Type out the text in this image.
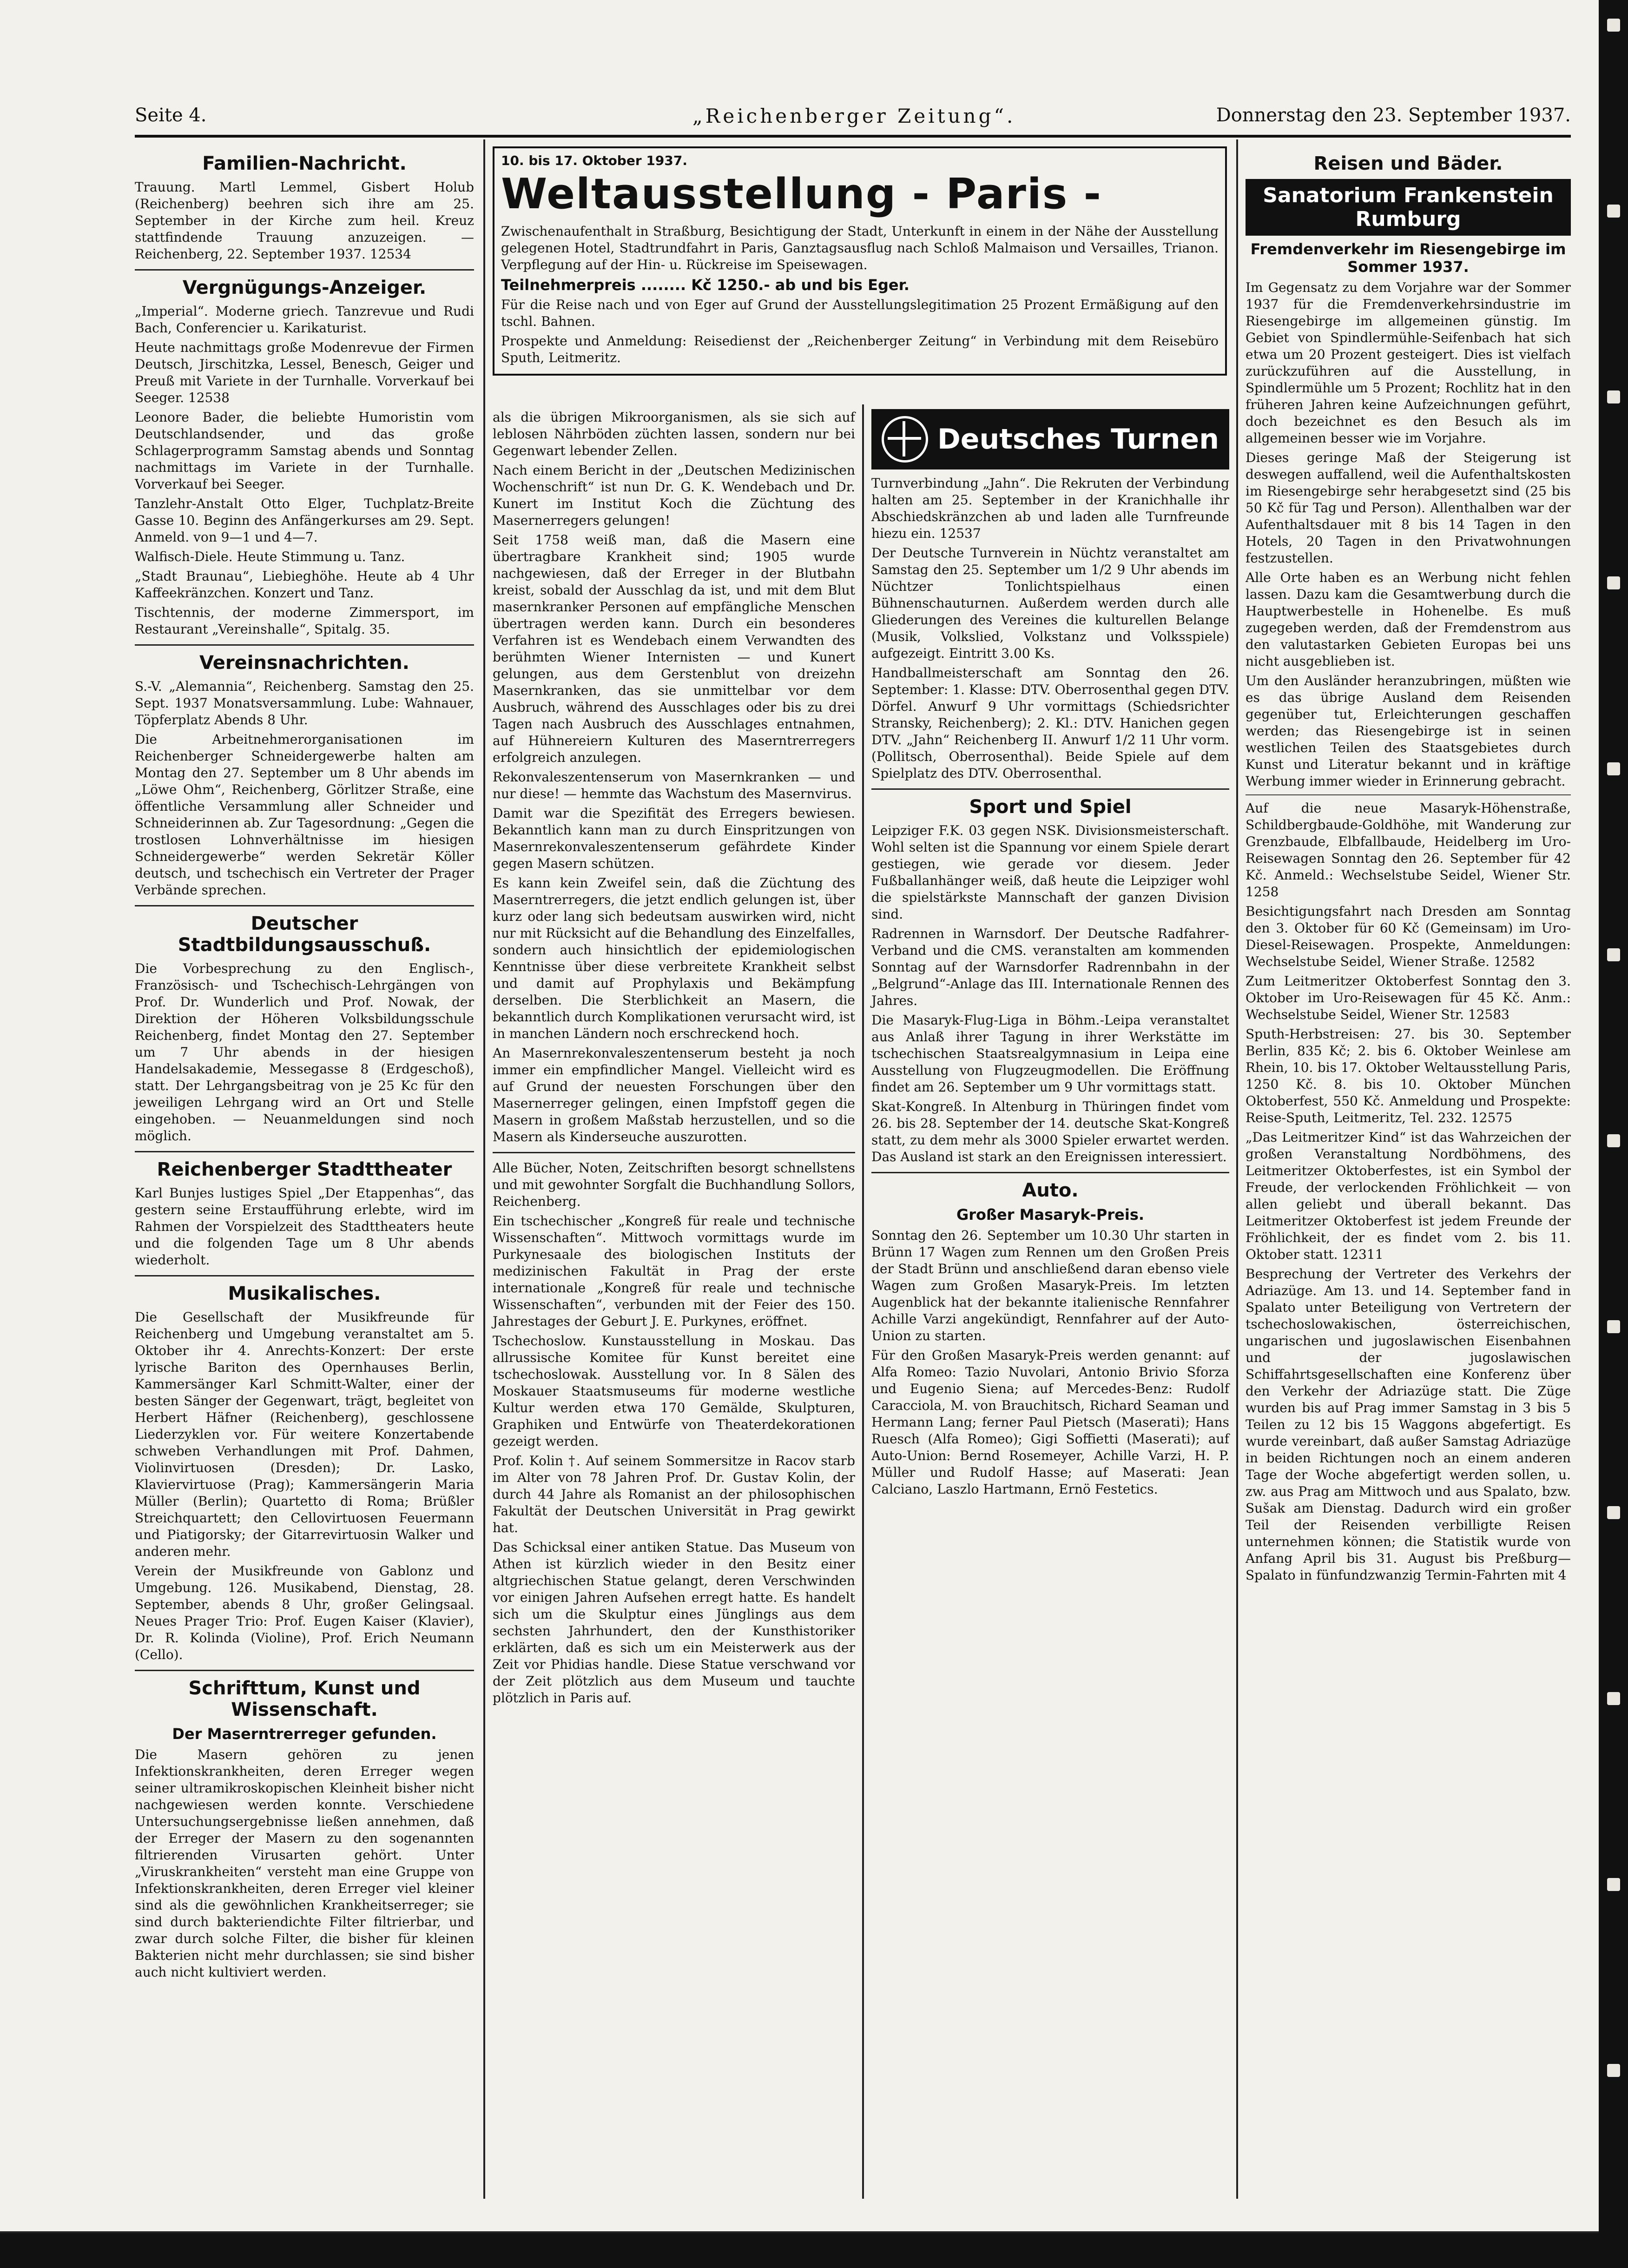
Seite 4.	„Reichenberger Zeitung“.	Donnerstag den 23. September 1937.
Familien-Nachricht.

Trauung. Martl Lemmel, Gisbert Holub (Reichenberg) beehren sich ihre am 25. September in der Kirche zum heil. Kreuz stattfindende Trauung anzuzeigen. — Reichenberg, 22. September 1937. 12534

Vergnügungs-Anzeiger.

„Imperial“. Moderne griech. Tanzrevue und Rudi Bach, Conferencier u. Karikaturist.

Heute nachmittags große Modenrevue der Firmen Deutsch, Jirschitzka, Lessel, Benesch, Geiger und Preuß mit Variete in der Turnhalle. Vorverkauf bei Seeger. 12538

Leonore Bader, die beliebte Humoristin vom Deutschlandsender, und das große Schlagerprogramm Samstag abends und Sonntag nachmittags im Variete in der Turnhalle. Vorverkauf bei Seeger.

Tanzlehr-Anstalt Otto Elger, Tuchplatz-Breite Gasse 10. Beginn des Anfängerkurses am 29. Sept. Anmeld. von 9—1 und 4—7.

Walfisch-Diele. Heute Stimmung u. Tanz.

„Stadt Braunau“, Liebieghöhe. Heute ab 4 Uhr Kaffeekränzchen. Konzert und Tanz.

Tischtennis, der moderne Zimmersport, im Restaurant „Vereinshalle“, Spitalg. 35.

Vereinsnachrichten.

S.-V. „Alemannia“, Reichenberg. Samstag den 25. Sept. 1937 Monatsversammlung. Lube: Wahnauer, Töpferplatz Abends 8 Uhr.

Die Arbeitnehmerorganisationen im Reichenberger Schneidergewerbe halten am Montag den 27. September um 8 Uhr abends im „Löwe Ohm“, Reichenberg, Görlitzer Straße, eine öffentliche Versammlung aller Schneider und Schneiderinnen ab. Zur Tagesordnung: „Gegen die trostlosen Lohnverhältnisse im hiesigen Schneidergewerbe“ werden Sekretär Köller deutsch, und tschechisch ein Vertreter der Prager Verbände sprechen.

Deutscher Stadtbildungsausschuß.

Die Vorbesprechung zu den Englisch-, Französisch- und Tschechisch-Lehrgängen von Prof. Dr. Wunderlich und Prof. Nowak, der Direktion der Höheren Volksbildungsschule Reichenberg, findet Montag den 27. September um 7 Uhr abends in der hiesigen Handelsakademie, Messegasse 8 (Erdgeschoß), statt. Der Lehrgangsbeitrag von je 25 Kc für den jeweiligen Lehrgang wird an Ort und Stelle eingehoben. — Neuanmeldungen sind noch möglich.

Reichenberger Stadttheater

Karl Bunjes lustiges Spiel „Der Etappenhas“, das gestern seine Erstaufführung erlebte, wird im Rahmen der Vorspielzeit des Stadttheaters heute und die folgenden Tage um 8 Uhr abends wiederholt.

Musikalisches.

Die Gesellschaft der Musikfreunde für Reichenberg und Umgebung veranstaltet am 5. Oktober ihr 4. Anrechts-Konzert: Der erste lyrische Bariton des Opernhauses Berlin, Kammersänger Karl Schmitt-Walter, einer der besten Sänger der Gegenwart, trägt, begleitet von Herbert Häfner (Reichenberg), geschlossene Liederzyklen vor. Für weitere Konzertabende schweben Verhandlungen mit Prof. Dahmen, Violinvirtuosen (Dresden); Dr. Lasko, Klaviervirtuose (Prag); Kammersängerin Maria Müller (Berlin); Quartetto di Roma; Brüßler Streichquartett; den Cellovirtuosen Feuermann und Piatigorsky; der Gitarrevirtuosin Walker und anderen mehr.

Verein der Musikfreunde von Gablonz und Umgebung. 126. Musikabend, Dienstag, 28. September, abends 8 Uhr, großer Gelingsaal. Neues Prager Trio: Prof. Eugen Kaiser (Klavier), Dr. R. Kolinda (Violine), Prof. Erich Neumann (Cello).

Schrifttum, Kunst und Wissenschaft.
Der Maserntrerreger gefunden.

Die Masern gehören zu jenen Infektionskrankheiten, deren Erreger wegen seiner ultramikroskopischen Kleinheit bisher nicht nachgewiesen werden konnte. Verschiedene Untersuchungsergebnisse ließen annehmen, daß der Erreger der Masern zu den sogenannten filtrierenden Virusarten gehört. Unter „Viruskrankheiten“ versteht man eine Gruppe von Infektionskrankheiten, deren Erreger viel kleiner sind als die gewöhnlichen Krankheitserreger; sie sind durch bakteriendichte Filter filtrierbar, und zwar durch solche Filter, die bisher für kleinen Bakterien nicht mehr durchlassen; sie sind bisher auch nicht kultiviert werden.

10. bis 17. Oktober 1937.
Weltausstellung - Paris -

Zwischenaufenthalt in Straßburg, Besichtigung der Stadt, Unterkunft in einem in der Nähe der Ausstellung gelegenen Hotel, Stadtrundfahrt in Paris, Ganztagsausflug nach Schloß Malmaison und Versailles, Trianon. Verpflegung auf der Hin- u. Rückreise im Speisewagen.

Teilnehmerpreis ........ Kč 1250.- ab und bis Eger.

Für die Reise nach und von Eger auf Grund der Ausstellungslegitimation 25 Prozent Ermäßigung auf den tschl. Bahnen.

Prospekte und Anmeldung: Reisedienst der „Reichenberger Zeitung“ in Verbindung mit dem Reisebüro Sputh, Leitmeritz.

als die übrigen Mikroorganismen, als sie sich auf leblosen Nährböden züchten lassen, sondern nur bei Gegenwart lebender Zellen.

Nach einem Bericht in der „Deutschen Medizinischen Wochenschrift“ ist nun Dr. G. K. Wendebach und Dr. Kunert im Institut Koch die Züchtung des Masernerregers gelungen!

Seit 1758 weiß man, daß die Masern eine übertragbare Krankheit sind; 1905 wurde nachgewiesen, daß der Erreger in der Blutbahn kreist, sobald der Ausschlag da ist, und mit dem Blut masernkranker Personen auf empfängliche Menschen übertragen werden kann. Durch ein besonderes Verfahren ist es Wendebach einem Verwandten des berühmten Wiener Internisten — und Kunert gelungen, aus dem Gerstenblut von dreizehn Masernkranken, das sie unmittelbar vor dem Ausbruch, während des Ausschlages oder bis zu drei Tagen nach Ausbruch des Ausschlages entnahmen, auf Hühnereiern Kulturen des Maserntrerregers erfolgreich anzulegen.

Rekonvaleszentenserum von Masernkranken — und nur diese! — hemmte das Wachstum des Masernvirus.

Damit war die Spezifität des Erregers bewiesen. Bekanntlich kann man zu durch Einspritzungen von Masernrekonvaleszentenserum gefährdete Kinder gegen Masern schützen.

Es kann kein Zweifel sein, daß die Züchtung des Maserntrerregers, die jetzt endlich gelungen ist, über kurz oder lang sich bedeutsam auswirken wird, nicht nur mit Rücksicht auf die Behandlung des Einzelfalles, sondern auch hinsichtlich der epidemiologischen Kenntnisse über diese verbreitete Krankheit selbst und damit auf Prophylaxis und Bekämpfung derselben. Die Sterblichkeit an Masern, die bekanntlich durch Komplikationen verursacht wird, ist in manchen Ländern noch erschreckend hoch.

An Masernrekonvaleszentenserum besteht ja noch immer ein empfindlicher Mangel. Vielleicht wird es auf Grund der neuesten Forschungen über den Masernerreger gelingen, einen Impfstoff gegen die Masern in großem Maßstab herzustellen, und so die Masern als Kinderseuche auszurotten.

Alle Bücher, Noten, Zeitschriften besorgt schnellstens und mit gewohnter Sorgfalt die Buchhandlung Sollors, Reichenberg.

Ein tschechischer „Kongreß für reale und technische Wissenschaften“. Mittwoch vormittags wurde im Purkynesaale des biologischen Instituts der medizinischen Fakultät in Prag der erste internationale „Kongreß für reale und technische Wissenschaften“, verbunden mit der Feier des 150. Jahrestages der Geburt J. E. Purkynes, eröffnet.

Tschechoslow. Kunstausstellung in Moskau. Das allrussische Komitee für Kunst bereitet eine tschechoslowak. Ausstellung vor. In 8 Sälen des Moskauer Staatsmuseums für moderne westliche Kultur werden etwa 170 Gemälde, Skulpturen, Graphiken und Entwürfe von Theaterdekorationen gezeigt werden.

Prof. Kolin †. Auf seinem Sommersitze in Racov starb im Alter von 78 Jahren Prof. Dr. Gustav Kolin, der durch 44 Jahre als Romanist an der philosophischen Fakultät der Deutschen Universität in Prag gewirkt hat.

Das Schicksal einer antiken Statue. Das Museum von Athen ist kürzlich wieder in den Besitz einer altgriechischen Statue gelangt, deren Verschwinden vor einigen Jahren Aufsehen erregt hatte. Es handelt sich um die Skulptur eines Jünglings aus dem sechsten Jahrhundert, den der Kunsthistoriker erklärten, daß es sich um ein Meisterwerk aus der Zeit vor Phidias handle. Diese Statue verschwand vor der Zeit plötzlich aus dem Museum und tauchte plötzlich in Paris auf.

Deutsches Turnen

Turnverbindung „Jahn“. Die Rekruten der Verbindung halten am 25. September in der Kranichhalle ihr Abschiedskränzchen ab und laden alle Turnfreunde hiezu ein. 12537

Der Deutsche Turnverein in Nüchtz veranstaltet am Samstag den 25. September um 1/2 9 Uhr abends im Nüchtzer Tonlichtspielhaus einen Bühnenschauturnen. Außerdem werden durch alle Gliederungen des Vereines die kulturellen Belange (Musik, Volkslied, Volkstanz und Volksspiele) aufgezeigt. Eintritt 3.00 Ks.

Handballmeisterschaft am Sonntag den 26. September: 1. Klasse: DTV. Oberrosenthal gegen DTV. Dörfel. Anwurf 9 Uhr vormittags (Schiedsrichter Stransky, Reichenberg); 2. Kl.: DTV. Hanichen gegen DTV. „Jahn“ Reichenberg II. Anwurf 1/2 11 Uhr vorm. (Pollitsch, Oberrosenthal). Beide Spiele auf dem Spielplatz des DTV. Oberrosenthal.

Sport und Spiel

Leipziger F.K. 03 gegen NSK. Divisionsmeisterschaft. Wohl selten ist die Spannung vor einem Spiele derart gestiegen, wie gerade vor diesem. Jeder Fußballanhänger weiß, daß heute die Leipziger wohl die spielstärkste Mannschaft der ganzen Division sind.

Radrennen in Warnsdorf. Der Deutsche Radfahrer-Verband und die CMS. veranstalten am kommenden Sonntag auf der Warnsdorfer Radrennbahn in der „Belgrund“-Anlage das III. Internationale Rennen des Jahres.

Die Masaryk-Flug-Liga in Böhm.-Leipa veranstaltet aus Anlaß ihrer Tagung in ihrer Werkstätte im tschechischen Staatsrealgymnasium in Leipa eine Ausstellung von Flugzeugmodellen. Die Eröffnung findet am 26. September um 9 Uhr vormittags statt.

Skat-Kongreß. In Altenburg in Thüringen findet vom 26. bis 28. September der 14. deutsche Skat-Kongreß statt, zu dem mehr als 3000 Spieler erwartet werden. Das Ausland ist stark an den Ereignissen interessiert.

Auto.
Großer Masaryk-Preis.

Sonntag den 26. September um 10.30 Uhr starten in Brünn 17 Wagen zum Rennen um den Großen Preis der Stadt Brünn und anschließend daran ebenso viele Wagen zum Großen Masaryk-Preis. Im letzten Augenblick hat der bekannte italienische Rennfahrer Achille Varzi angekündigt, Rennfahrer auf der Auto-Union zu starten.

Für den Großen Masaryk-Preis werden genannt: auf Alfa Romeo: Tazio Nuvolari, Antonio Brivio Sforza und Eugenio Siena; auf Mercedes-Benz: Rudolf Caracciola, M. von Brauchitsch, Richard Seaman und Hermann Lang; ferner Paul Pietsch (Maserati); Hans Ruesch (Alfa Romeo); Gigi Soffietti (Maserati); auf Auto-Union: Bernd Rosemeyer, Achille Varzi, H. P. Müller und Rudolf Hasse; auf Maserati: Jean Calciano, Laszlo Hartmann, Ernö Festetics.

Reisen und Bäder.
Sanatorium Frankenstein Rumburg
Fremdenverkehr im Riesengebirge im Sommer 1937.

Im Gegensatz zu dem Vorjahre war der Sommer 1937 für die Fremdenverkehrsindustrie im Riesengebirge im allgemeinen günstig. Im Gebiet von Spindlermühle-Seifenbach hat sich etwa um 20 Prozent gesteigert. Dies ist vielfach zurückzuführen auf die Ausstellung, in Spindlermühle um 5 Prozent; Rochlitz hat in den früheren Jahren keine Aufzeichnungen geführt, doch bezeichnet es den Besuch als im allgemeinen besser wie im Vorjahre.

Dieses geringe Maß der Steigerung ist deswegen auffallend, weil die Aufenthaltskosten im Riesengebirge sehr herabgesetzt sind (25 bis 50 Kč für Tag und Person). Allenthalben war der Aufenthaltsdauer mit 8 bis 14 Tagen in den Hotels, 20 Tagen in den Privatwohnungen festzustellen.

Alle Orte haben es an Werbung nicht fehlen lassen. Dazu kam die Gesamtwerbung durch die Hauptwerbestelle in Hohenelbe. Es muß zugegeben werden, daß der Fremdenstrom aus den valutastarken Gebieten Europas bei uns nicht ausgeblieben ist.

Um den Ausländer heranzubringen, müßten wie es das übrige Ausland dem Reisenden gegenüber tut, Erleichterungen geschaffen werden; das Riesengebirge ist in seinen westlichen Teilen des Staatsgebietes durch Kunst und Literatur bekannt und in kräftige Werbung immer wieder in Erinnerung gebracht.

Auf die neue Masaryk-Höhenstraße, Schildbergbaude-Goldhöhe, mit Wanderung zur Grenzbaude, Elbfallbaude, Heidelberg im Uro-Reisewagen Sonntag den 26. September für 42 Kč. Anmeld.: Wechselstube Seidel, Wiener Str. 1258

Besichtigungsfahrt nach Dresden am Sonntag den 3. Oktober für 60 Kč (Gemeinsam) im Uro-Diesel-Reisewagen. Prospekte, Anmeldungen: Wechselstube Seidel, Wiener Straße. 12582

Zum Leitmeritzer Oktoberfest Sonntag den 3. Oktober im Uro-Reisewagen für 45 Kč. Anm.: Wechselstube Seidel, Wiener Str. 12583

Sputh-Herbstreisen: 27. bis 30. September Berlin, 835 Kč; 2. bis 6. Oktober Weinlese am Rhein, 10. bis 17. Oktober Weltausstellung Paris, 1250 Kč. 8. bis 10. Oktober München Oktoberfest, 550 Kč. Anmeldung und Prospekte: Reise-Sputh, Leitmeritz, Tel. 232. 12575

„Das Leitmeritzer Kind“ ist das Wahrzeichen der großen Veranstaltung Nordböhmens, des Leitmeritzer Oktoberfestes, ist ein Symbol der Freude, der verlockenden Fröhlichkeit — von allen geliebt und überall bekannt. Das Leitmeritzer Oktoberfest ist jedem Freunde der Fröhlichkeit, der es findet vom 2. bis 11. Oktober statt. 12311

Besprechung der Vertreter des Verkehrs der Adriazüge. Am 13. und 14. September fand in Spalato unter Beteiligung von Vertretern der tschechoslowakischen, österreichischen, ungarischen und jugoslawischen Eisenbahnen und der jugoslawischen Schiffahrtsgesellschaften eine Konferenz über den Verkehr der Adriazüge statt. Die Züge wurden bis auf Prag immer Samstag in 3 bis 5 Teilen zu 12 bis 15 Waggons abgefertigt. Es wurde vereinbart, daß außer Samstag Adriazüge in beiden Richtungen noch an einem anderen Tage der Woche abgefertigt werden sollen, u. zw. aus Prag am Mittwoch und aus Spalato, bzw. Sušak am Dienstag. Dadurch wird ein großer Teil der Reisenden verbilligte Reisen unternehmen können; die Statistik wurde von Anfang April bis 31. August bis Preßburg—Spalato in fünfundzwanzig Termin-Fahrten mit 4
